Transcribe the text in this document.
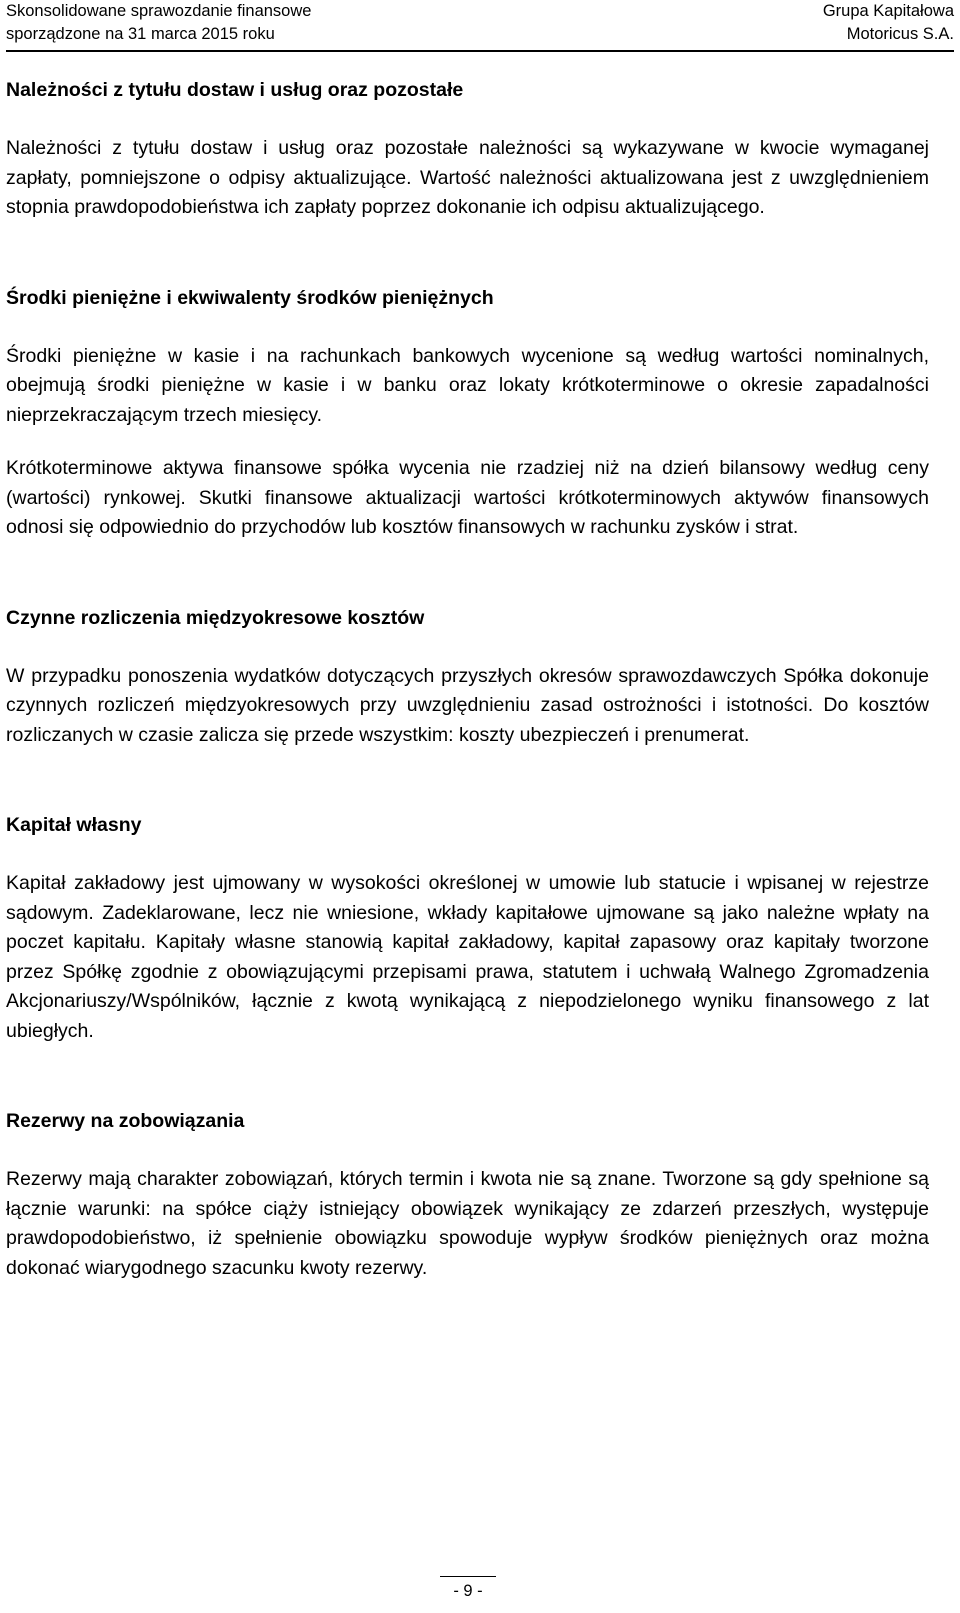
Skonsolidowane sprawozdanie finansowe
sporządzone na 31 marca 2015 roku
Grupa Kapitałowa
Motoricus S.A.
Należności z tytułu dostaw i usług oraz pozostałe

Należności z tytułu dostaw i usług oraz pozostałe należności są wykazywane w kwocie wymaganej zapłaty, pomniejszone o odpisy aktualizujące. Wartość należności aktualizowana jest z uwzględnieniem stopnia prawdopodobieństwa ich zapłaty poprzez dokonanie ich odpisu aktualizującego.

Środki pieniężne i ekwiwalenty środków pieniężnych

Środki pieniężne w kasie i na rachunkach bankowych wycenione są według wartości nominalnych, obejmują środki pieniężne w kasie i w banku oraz lokaty krótkoterminowe o okresie zapadalności nieprzekraczającym trzech miesięcy.

Krótkoterminowe aktywa finansowe spółka wycenia nie rzadziej niż na dzień bilansowy według ceny (wartości) rynkowej. Skutki finansowe aktualizacji wartości krótkoterminowych aktywów finansowych odnosi się odpowiednio do przychodów lub kosztów finansowych w rachunku zysków i strat.

Czynne rozliczenia międzyokresowe kosztów

W przypadku ponoszenia wydatków dotyczących przyszłych okresów sprawozdawczych Spółka dokonuje czynnych rozliczeń międzyokresowych przy uwzględnieniu zasad ostrożności i istotności. Do kosztów rozliczanych w czasie zalicza się przede wszystkim: koszty ubezpieczeń i prenumerat.

Kapitał własny

Kapitał zakładowy jest ujmowany w wysokości określonej w umowie lub statucie i wpisanej w rejestrze sądowym. Zadeklarowane, lecz nie wniesione, wkłady kapitałowe ujmowane są jako należne wpłaty na poczet kapitału. Kapitały własne stanowią kapitał zakładowy, kapitał zapasowy oraz kapitały tworzone przez Spółkę zgodnie z obowiązującymi przepisami prawa, statutem i uchwałą Walnego Zgromadzenia Akcjonariuszy/Wspólników, łącznie z kwotą wynikającą z niepodzielonego wyniku finansowego z lat ubiegłych.

Rezerwy na zobowiązania

Rezerwy mają charakter zobowiązań, których termin i kwota nie są znane. Tworzone są gdy spełnione są łącznie warunki: na spółce ciąży istniejący obowiązek wynikający ze zdarzeń przeszłych, występuje prawdopodobieństwo, iż spełnienie obowiązku spowoduje wypływ środków pieniężnych oraz można dokonać wiarygodnego szacunku kwoty rezerwy.

- 9 -
